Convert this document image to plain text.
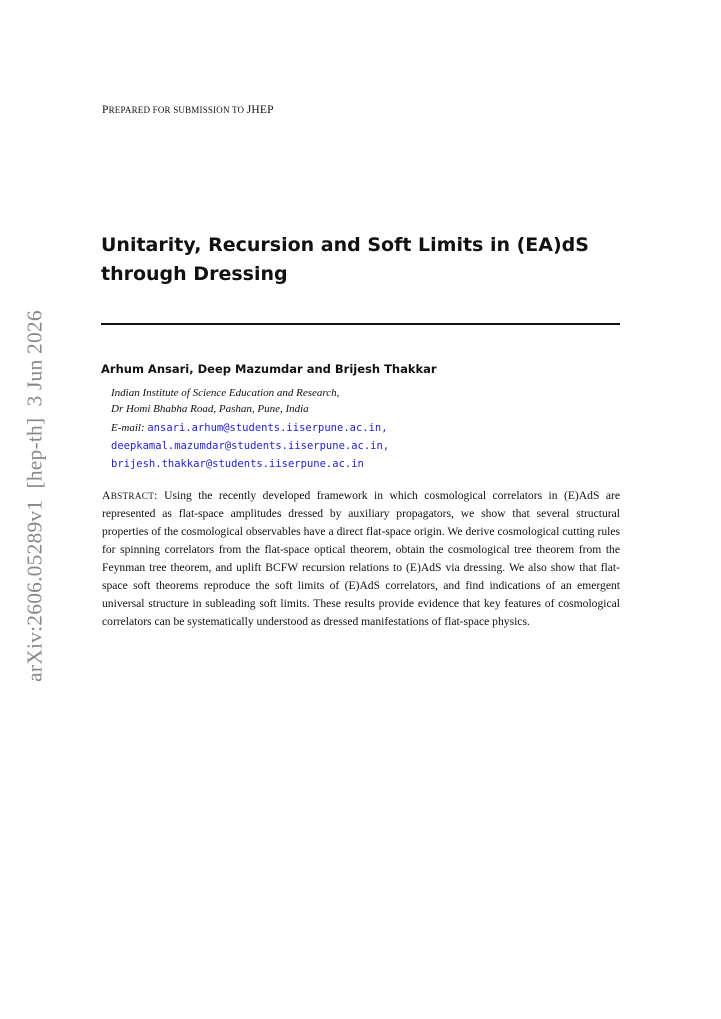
PREPARED FOR SUBMISSION TO JHEP
Unitarity, Recursion and Soft Limits in (EA)dS
through Dressing
Arhum Ansari, Deep Mazumdar and Brijesh Thakkar
Indian Institute of Science Education and Research,
Dr Homi Bhabha Road, Pashan, Pune, India
E-mail: ansari.arhum@students.iiserpune.ac.in,
deepkamal.mazumdar@students.iiserpune.ac.in,
brijesh.thakkar@students.iiserpune.ac.in
ABSTRACT: Using the recently developed framework in which cosmological correlators in (E)AdS are represented as flat-space amplitudes dressed by auxiliary propagators, we show that several structural properties of the cosmological observables have a direct flat-space origin. We derive cosmological cutting rules for spinning correlators from the flat-space optical theorem, obtain the cosmological tree theorem from the Feynman tree theorem, and uplift BCFW recursion relations to (E)AdS via dressing. We also show that flat-space soft theorems reproduce the soft limits of (E)AdS correlators, and find indications of an emergent universal structure in subleading soft limits. These results provide evidence that key features of cosmological correlators can be systematically understood as dressed manifestations of flat-space physics.
arXiv:2606.05289v1  [hep-th]  3 Jun 2026
